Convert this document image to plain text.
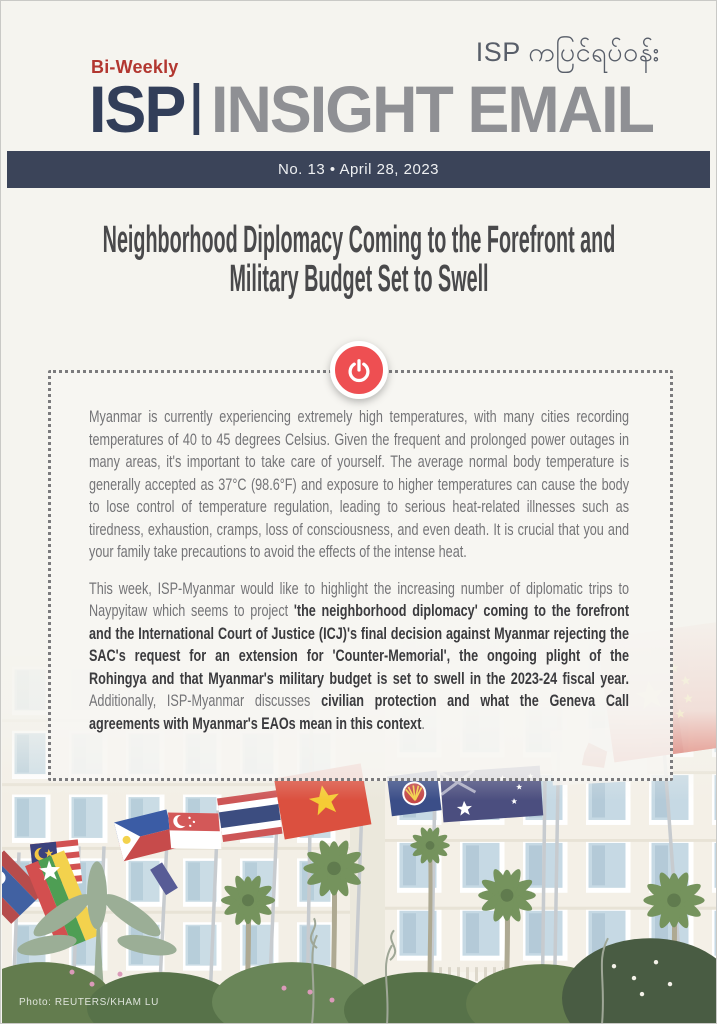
ISP ကပြင်ရပ်ဝန်း
Bi-Weekly
ISP INSIGHT EMAIL
No. 13 • April 28, 2023
Neighborhood Diplomacy Coming to the Forefront and
Military Budget Set to Swell

Myanmar is currently experiencing extremely high temperatures, with many cities recording temperatures of 40 to 45 degrees Celsius. Given the frequent and prolonged power outages in many areas, it's important to take care of yourself. The average normal body temperature is generally accepted as 37°C (98.6°F) and exposure to higher temperatures can cause the body to lose control of temperature regulation, leading to serious heat-related illnesses such as tiredness, exhaustion, cramps, loss of consciousness, and even death. It is crucial that you and your family take precautions to avoid the effects of the intense heat.

This week, ISP-Myanmar would like to highlight the increasing number of diplomatic trips to Naypyitaw which seems to project 'the neighborhood diplomacy' coming to the forefront and the International Court of Justice (ICJ)'s final decision against Myanmar rejecting the SAC's request for an extension for 'Counter-Memorial', the ongoing plight of the Rohingya and that Myanmar's military budget is set to swell in the 2023-24 fiscal year. Additionally, ISP-Myanmar discusses civilian protection and what the Geneva Call agreements with Myanmar's EAOs mean in this context.

Photo: REUTERS/KHAM LU
